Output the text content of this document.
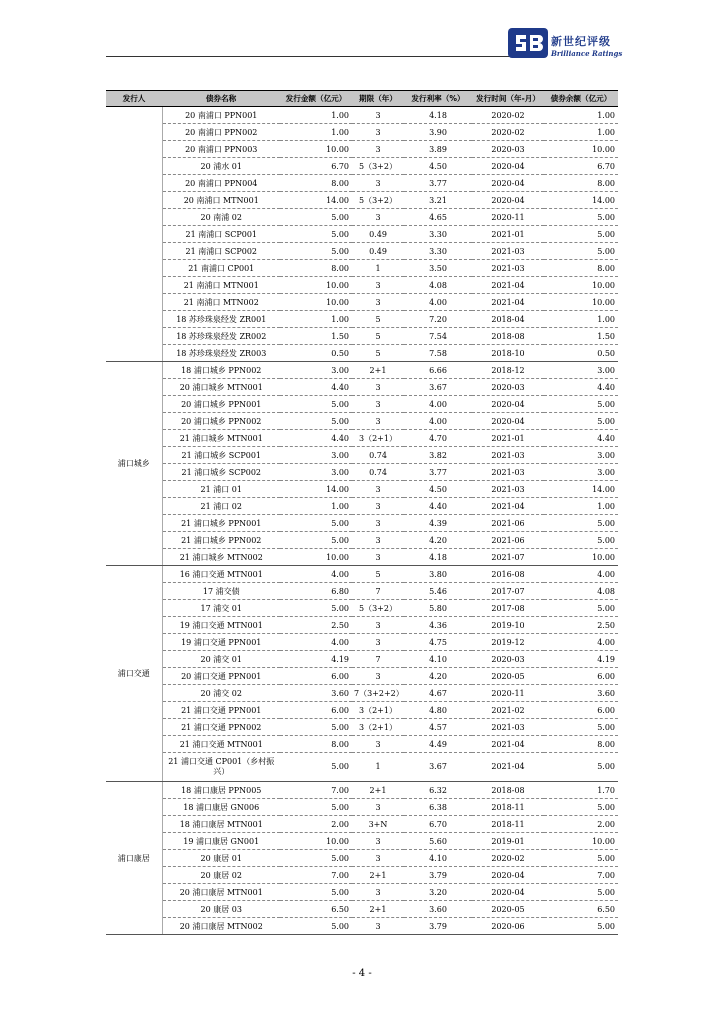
新世纪评级
Brilliance Ratings
发行人	债券名称	发行金额（亿元）	期限（年）	发行利率（%）	发行时间（年-月）	债券余额（亿元）
	20 南浦口 PPN001	1.00	3	4.18	2020-02	1.00
	20 南浦口 PPN002	1.00	3	3.90	2020-02	1.00
	20 南浦口 PPN003	10.00	3	3.89	2020-03	10.00
	20 浦水 01	6.70	5（3+2）	4.50	2020-04	6.70
	20 南浦口 PPN004	8.00	3	3.77	2020-04	8.00
	20 南浦口 MTN001	14.00	5（3+2）	3.21	2020-04	14.00
	20 南浦 02	5.00	3	4.65	2020-11	5.00
	21 南浦口 SCP001	5.00	0.49	3.30	2021-01	5.00
	21 南浦口 SCP002	5.00	0.49	3.30	2021-03	5.00
	21 南浦口 CP001	8.00	1	3.50	2021-03	8.00
	21 南浦口 MTN001	10.00	3	4.08	2021-04	10.00
	21 南浦口 MTN002	10.00	3	4.00	2021-04	10.00
	18 苏珍珠泉经发 ZR001	1.00	5	7.20	2018-04	1.00
	18 苏珍珠泉经发 ZR002	1.50	5	7.54	2018-08	1.50
	18 苏珍珠泉经发 ZR003	0.50	5	7.58	2018-10	0.50
浦口城乡	18 浦口城乡 PPN002	3.00	2+1	6.66	2018-12	3.00
	20 浦口城乡 MTN001	4.40	3	3.67	2020-03	4.40
	20 浦口城乡 PPN001	5.00	3	4.00	2020-04	5.00
	20 浦口城乡 PPN002	5.00	3	4.00	2020-04	5.00
	21 浦口城乡 MTN001	4.40	3（2+1）	4.70	2021-01	4.40
	21 浦口城乡 SCP001	3.00	0.74	3.82	2021-03	3.00
	21 浦口城乡 SCP002	3.00	0.74	3.77	2021-03	3.00
	21 浦口 01	14.00	3	4.50	2021-03	14.00
	21 浦口 02	1.00	3	4.40	2021-04	1.00
	21 浦口城乡 PPN001	5.00	3	4.39	2021-06	5.00
	21 浦口城乡 PPN002	5.00	3	4.20	2021-06	5.00
	21 浦口城乡 MTN002	10.00	3	4.18	2021-07	10.00
浦口交通	16 浦口交通 MTN001	4.00	5	3.80	2016-08	4.00
	17 浦交债	6.80	7	5.46	2017-07	4.08
	17 浦交 01	5.00	5（3+2）	5.80	2017-08	5.00
	19 浦口交通 MTN001	2.50	3	4.36	2019-10	2.50
	19 浦口交通 PPN001	4.00	3	4.75	2019-12	4.00
	20 浦交 01	4.19	7	4.10	2020-03	4.19
	20 浦口交通 PPN001	6.00	3	4.20	2020-05	6.00
	20 浦交 02	3.60	7（3+2+2）	4.67	2020-11	3.60
	21 浦口交通 PPN001	6.00	3（2+1）	4.80	2021-02	6.00
	21 浦口交通 PPN002	5.00	3（2+1）	4.57	2021-03	5.00
	21 浦口交通 MTN001	8.00	3	4.49	2021-04	8.00
	21 浦口交通 CP001（乡村振兴）	5.00	1	3.67	2021-04	5.00
浦口康居	18 浦口康居 PPN005	7.00	2+1	6.32	2018-08	1.70
	18 浦口康居 GN006	5.00	3	6.38	2018-11	5.00
	18 浦口康居 MTN001	2.00	3+N	6.70	2018-11	2.00
	19 浦口康居 GN001	10.00	3	5.60	2019-01	10.00
	20 康居 01	5.00	3	4.10	2020-02	5.00
	20 康居 02	7.00	2+1	3.79	2020-04	7.00
	20 浦口康居 MTN001	5.00	3	3.20	2020-04	5.00
	20 康居 03	6.50	2+1	3.60	2020-05	6.50
	20 浦口康居 MTN002	5.00	3	3.79	2020-06	5.00
- 4 -
